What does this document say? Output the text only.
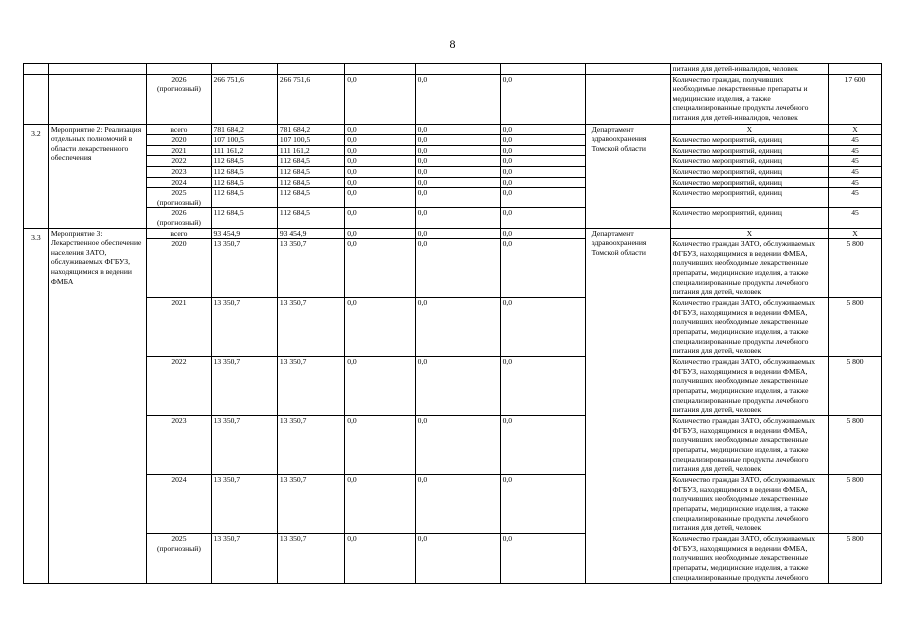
8
									питания для детей-инвалидов, человек	
		2026
(прогнозный)	266 751,6	266 751,6	0,0	0,0	0,0		Количество граждан, получивших необходимые лекарственные препараты и медицинские изделия, а также специализированные продукты лечебного питания для детей-инвалидов, человек	17 600
3.2	Мероприятие 2: Реализация отдельных полномочий в области лекарственного обеспечения	всего	781 684,2	781 684,2	0,0	0,0	0,0	Департамент здравоохранения Томской области	Х	Х
		2020	107 100,5	107 100,5	0,0	0,0	0,0		Количество мероприятий, единиц	45
		2021	111 161,2	111 161,2	0,0	0,0	0,0		Количество мероприятий, единиц	45
		2022	112 684,5	112 684,5	0,0	0,0	0,0		Количество мероприятий, единиц	45
		2023	112 684,5	112 684,5	0,0	0,0	0,0		Количество мероприятий, единиц	45
		2024	112 684,5	112 684,5	0,0	0,0	0,0		Количество мероприятий, единиц	45
		2025
(прогнозный)	112 684,5	112 684,5	0,0	0,0	0,0		Количество мероприятий, единиц	45
		2026
(прогнозный)	112 684,5	112 684,5	0,0	0,0	0,0		Количество мероприятий, единиц	45
3.3	Мероприятие 3: Лекарственное обеспечение населения ЗАТО, обслуживаемых ФГБУЗ, находящимися в ведении ФМБА	всего	93 454,9	93 454,9	0,0	0,0	0,0	Департамент здравоохранения Томской области	Х	Х
		2020	13 350,7	13 350,7	0,0	0,0	0,0		Количество граждан ЗАТО, обслуживаемых ФГБУЗ, находящимися в ведении ФМБА, получивших необходимые лекарственные препараты, медицинские изделия, а также специализированные продукты лечебного питания для детей, человек	5 800
		2021	13 350,7	13 350,7	0,0	0,0	0,0		Количество граждан ЗАТО, обслуживаемых ФГБУЗ, находящимися в ведении ФМБА, получивших необходимые лекарственные препараты, медицинские изделия, а также специализированные продукты лечебного питания для детей, человек	5 800
		2022	13 350,7	13 350,7	0,0	0,0	0,0		Количество граждан ЗАТО, обслуживаемых ФГБУЗ, находящимися в ведении ФМБА, получивших необходимые лекарственные препараты, медицинские изделия, а также специализированные продукты лечебного питания для детей, человек	5 800
		2023	13 350,7	13 350,7	0,0	0,0	0,0		Количество граждан ЗАТО, обслуживаемых ФГБУЗ, находящимися в ведении ФМБА, получивших необходимые лекарственные препараты, медицинские изделия, а также специализированные продукты лечебного питания для детей, человек	5 800
		2024	13 350,7	13 350,7	0,0	0,0	0,0		Количество граждан ЗАТО, обслуживаемых ФГБУЗ, находящимися в ведении ФМБА, получивших необходимые лекарственные препараты, медицинские изделия, а также специализированные продукты лечебного питания для детей, человек	5 800
		2025
(прогнозный)	13 350,7	13 350,7	0,0	0,0	0,0		Количество граждан ЗАТО, обслуживаемых ФГБУЗ, находящимися в ведении ФМБА, получивших необходимые лекарственные препараты, медицинские изделия, а также специализированные продукты лечебного	5 800
